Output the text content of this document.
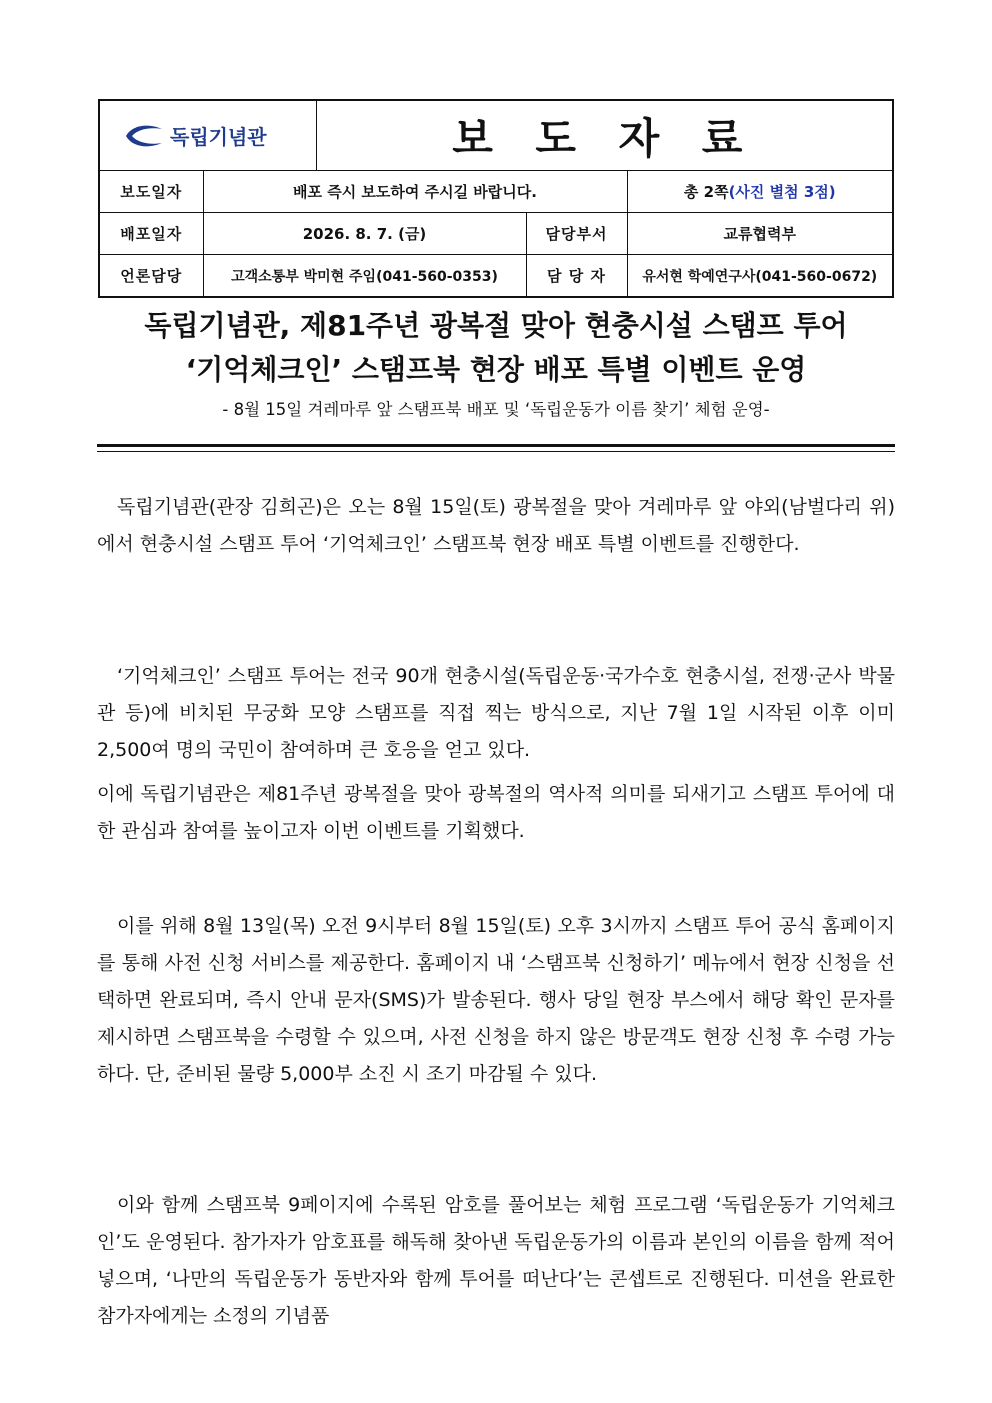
독립기념관		보 도 자 료		
보도일자	배포 즉시 보도하여 주시길 바랍니다.			총 2쪽(사진 별첨 3점)
배포일자	2026. 8. 7. (금)		담당부서	교류협력부
언론담당	고객소통부 박미현 주임(041-560-0353)		담 당 자	유서현 학예연구사(041-560-0672)
독립기념관, 제81주년 광복절 맞아 현충시설 스탬프 투어
‘기억체크인’ 스탬프북 현장 배포 특별 이벤트 운영
- 8월 15일 겨레마루 앞 스탬프북 배포 및 ‘독립운동가 이름 찾기’ 체험 운영-

독립기념관(관장 김희곤)은 오는 8월 15일(토) 광복절을 맞아 겨레마루 앞 야외(남벌다리 위)에서 현충시설 스탬프 투어 ‘기억체크인’ 스탬프북 현장 배포 특별 이벤트를 진행한다.

‘기억체크인’ 스탬프 투어는 전국 90개 현충시설(독립운동·국가수호 현충시설, 전쟁·군사 박물관 등)에 비치된 무궁화 모양 스탬프를 직접 찍는 방식으로, 지난 7월 1일 시작된 이후 이미 2,500여 명의 국민이 참여하며 큰 호응을 얻고 있다.

이에 독립기념관은 제81주년 광복절을 맞아 광복절의 역사적 의미를 되새기고 스탬프 투어에 대한 관심과 참여를 높이고자 이번 이벤트를 기획했다.

이를 위해 8월 13일(목) 오전 9시부터 8월 15일(토) 오후 3시까지 스탬프 투어 공식 홈페이지를 통해 사전 신청 서비스를 제공한다. 홈페이지 내 ‘스탬프북 신청하기’ 메뉴에서 현장 신청을 선택하면 완료되며, 즉시 안내 문자(SMS)가 발송된다. 행사 당일 현장 부스에서 해당 확인 문자를 제시하면 스탬프북을 수령할 수 있으며, 사전 신청을 하지 않은 방문객도 현장 신청 후 수령 가능하다. 단, 준비된 물량 5,000부 소진 시 조기 마감될 수 있다.

이와 함께 스탬프북 9페이지에 수록된 암호를 풀어보는 체험 프로그램 ‘독립운동가 기억체크인’도 운영된다. 참가자가 암호표를 해독해 찾아낸 독립운동가의 이름과 본인의 이름을 함께 적어 넣으며, ‘나만의 독립운동가 동반자와 함께 투어를 떠난다’는 콘셉트로 진행된다. 미션을 완료한 참가자에게는 소정의 기념품
